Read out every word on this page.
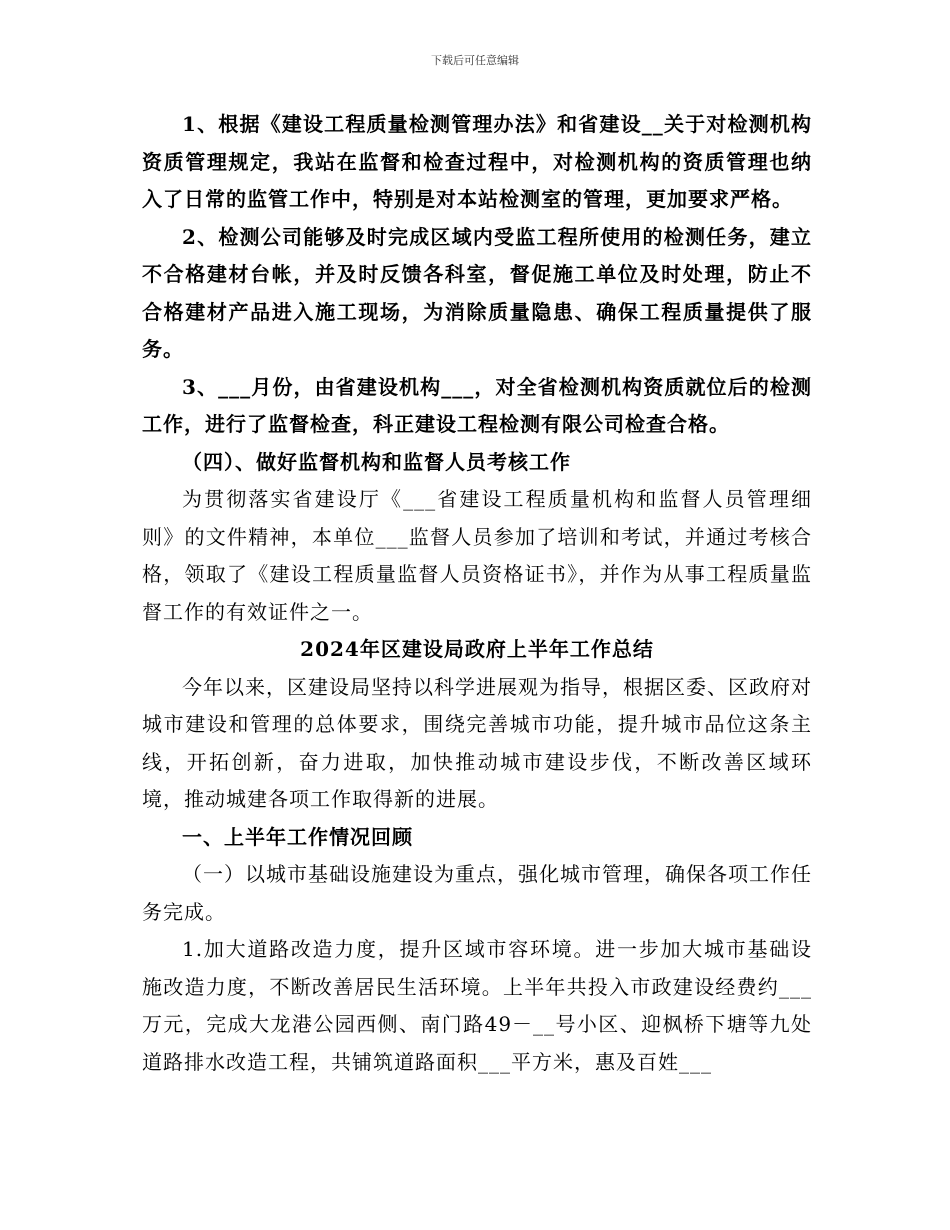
下载后可任意编辑

1、根据《建设工程质量检测管理办法》和省建设__关于对检测机构资质管理规定，我站在监督和检查过程中，对检测机构的资质管理也纳入了日常的监管工作中，特别是对本站检测室的管理，更加要求严格。

2、检测公司能够及时完成区域内受监工程所使用的检测任务，建立不合格建材台帐，并及时反馈各科室，督促施工单位及时处理，防止不合格建材产品进入施工现场，为消除质量隐患、确保工程质量提供了服务。

3、___月份，由省建设机构___，对全省检测机构资质就位后的检测工作，进行了监督检查，科正建设工程检测有限公司检查合格。

（四）、做好监督机构和监督人员考核工作

为贯彻落实省建设厅《___省建设工程质量机构和监督人员管理细则》的文件精神，本单位___监督人员参加了培训和考试，并通过考核合格，领取了《建设工程质量监督人员资格证书》，并作为从事工程质量监督工作的有效证件之一。

2024年区建设局政府上半年工作总结

今年以来，区建设局坚持以科学进展观为指导，根据区委、区政府对城市建设和管理的总体要求，围绕完善城市功能，提升城市品位这条主线，开拓创新，奋力进取，加快推动城市建设步伐，不断改善区域环境，推动城建各项工作取得新的进展。

一、上半年工作情况回顾

（一）以城市基础设施建设为重点，强化城市管理，确保各项工作任务完成。

1.加大道路改造力度，提升区域市容环境。进一步加大城市基础设施改造力度，不断改善居民生活环境。上半年共投入市政建设经费约___万元，完成大龙港公园西侧、南门路49－__号小区、迎枫桥下塘等九处道路排水改造工程，共铺筑道路面积___平方米，惠及百姓___
